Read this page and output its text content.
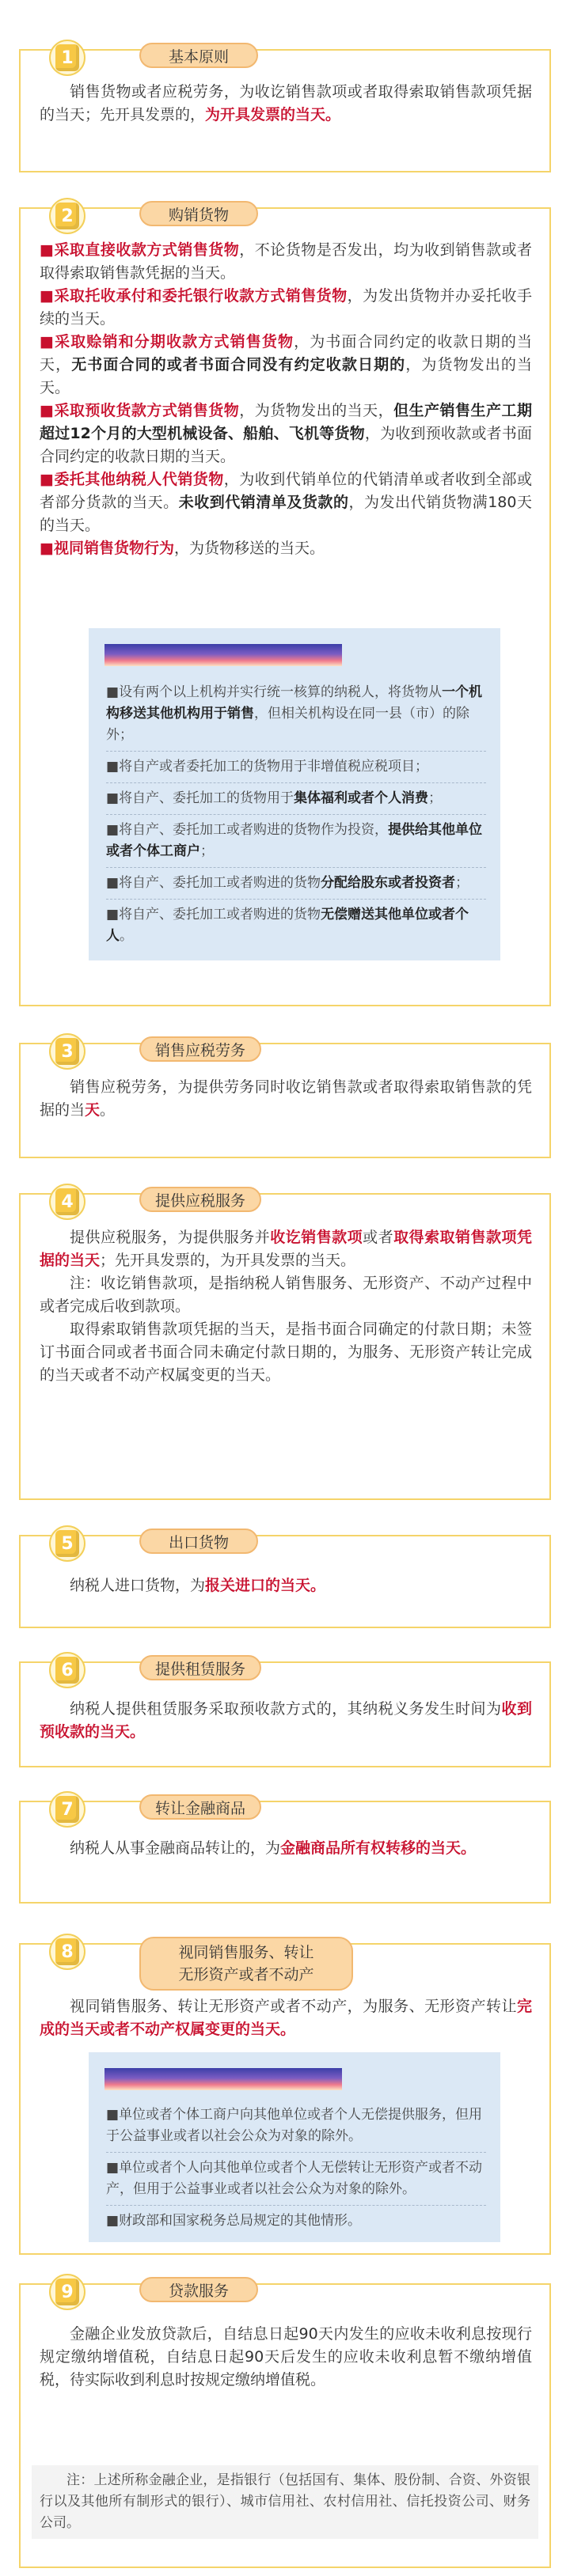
1	基本原则

销售货物或者应税劳务，为收讫销售款项或者取得索取销售款项凭据的当天；先开具发票的，为开具发票的当天。

2	购销货物

■采取直接收款方式销售货物，不论货物是否发出，均为收到销售款或者取得索取销售款凭据的当天。

■采取托收承付和委托银行收款方式销售货物，为发出货物并办妥托收手续的当天。

■采取赊销和分期收款方式销售货物，为书面合同约定的收款日期的当天，无书面合同的或者书面合同没有约定收款日期的，为货物发出的当天。

■采取预收货款方式销售货物，为货物发出的当天，但生产销售生产工期超过12个月的大型机械设备、船舶、飞机等货物，为收到预收款或者书面合同约定的收款日期的当天。

■委托其他纳税人代销货物，为收到代销单位的代销清单或者收到全部或者部分货款的当天。未收到代销清单及货款的，为发出代销货物满180天的当天。

■视同销售货物行为，为货物移送的当天。

■设有两个以上机构并实行统一核算的纳税人，将货物从一个机构移送其他机构用于销售，但相关机构设在同一县（市）的除外；
■将自产或者委托加工的货物用于非增值税应税项目；
■将自产、委托加工的货物用于集体福利或者个人消费；
■将自产、委托加工或者购进的货物作为投资，提供给其他单位或者个体工商户；
■将自产、委托加工或者购进的货物分配给股东或者投资者；
■将自产、委托加工或者购进的货物无偿赠送其他单位或者个人。
3	销售应税劳务

销售应税劳务，为提供劳务同时收讫销售款或者取得索取销售款的凭据的当天。

4	提供应税服务

提供应税服务，为提供服务并收讫销售款项或者取得索取销售款项凭据的当天；先开具发票的，为开具发票的当天。

注：收讫销售款项，是指纳税人销售服务、无形资产、不动产过程中或者完成后收到款项。

取得索取销售款项凭据的当天，是指书面合同确定的付款日期；未签订书面合同或者书面合同未确定付款日期的，为服务、无形资产转让完成的当天或者不动产权属变更的当天。

5	出口货物

纳税人进口货物，为报关进口的当天。

6	提供租赁服务

纳税人提供租赁服务采取预收款方式的，其纳税义务发生时间为收到预收款的当天。

7	转让金融商品

纳税人从事金融商品转让的，为金融商品所有权转移的当天。

8	视同销售服务、转让
无形资产或者不动产

视同销售服务、转让无形资产或者不动产，为服务、无形资产转让完成的当天或者不动产权属变更的当天。

■单位或者个体工商户向其他单位或者个人无偿提供服务，但用于公益事业或者以社会公众为对象的除外。
■单位或者个人向其他单位或者个人无偿转让无形资产或者不动产，但用于公益事业或者以社会公众为对象的除外。
■财政部和国家税务总局规定的其他情形。
9	贷款服务

金融企业发放贷款后，自结息日起90天内发生的应收未收利息按现行规定缴纳增值税，自结息日起90天后发生的应收未收利息暂不缴纳增值税，待实际收到利息时按规定缴纳增值税。

注：上述所称金融企业，是指银行（包括国有、集体、股份制、合资、外资银行以及其他所有制形式的银行）、城市信用社、农村信用社、信托投资公司、财务公司。
